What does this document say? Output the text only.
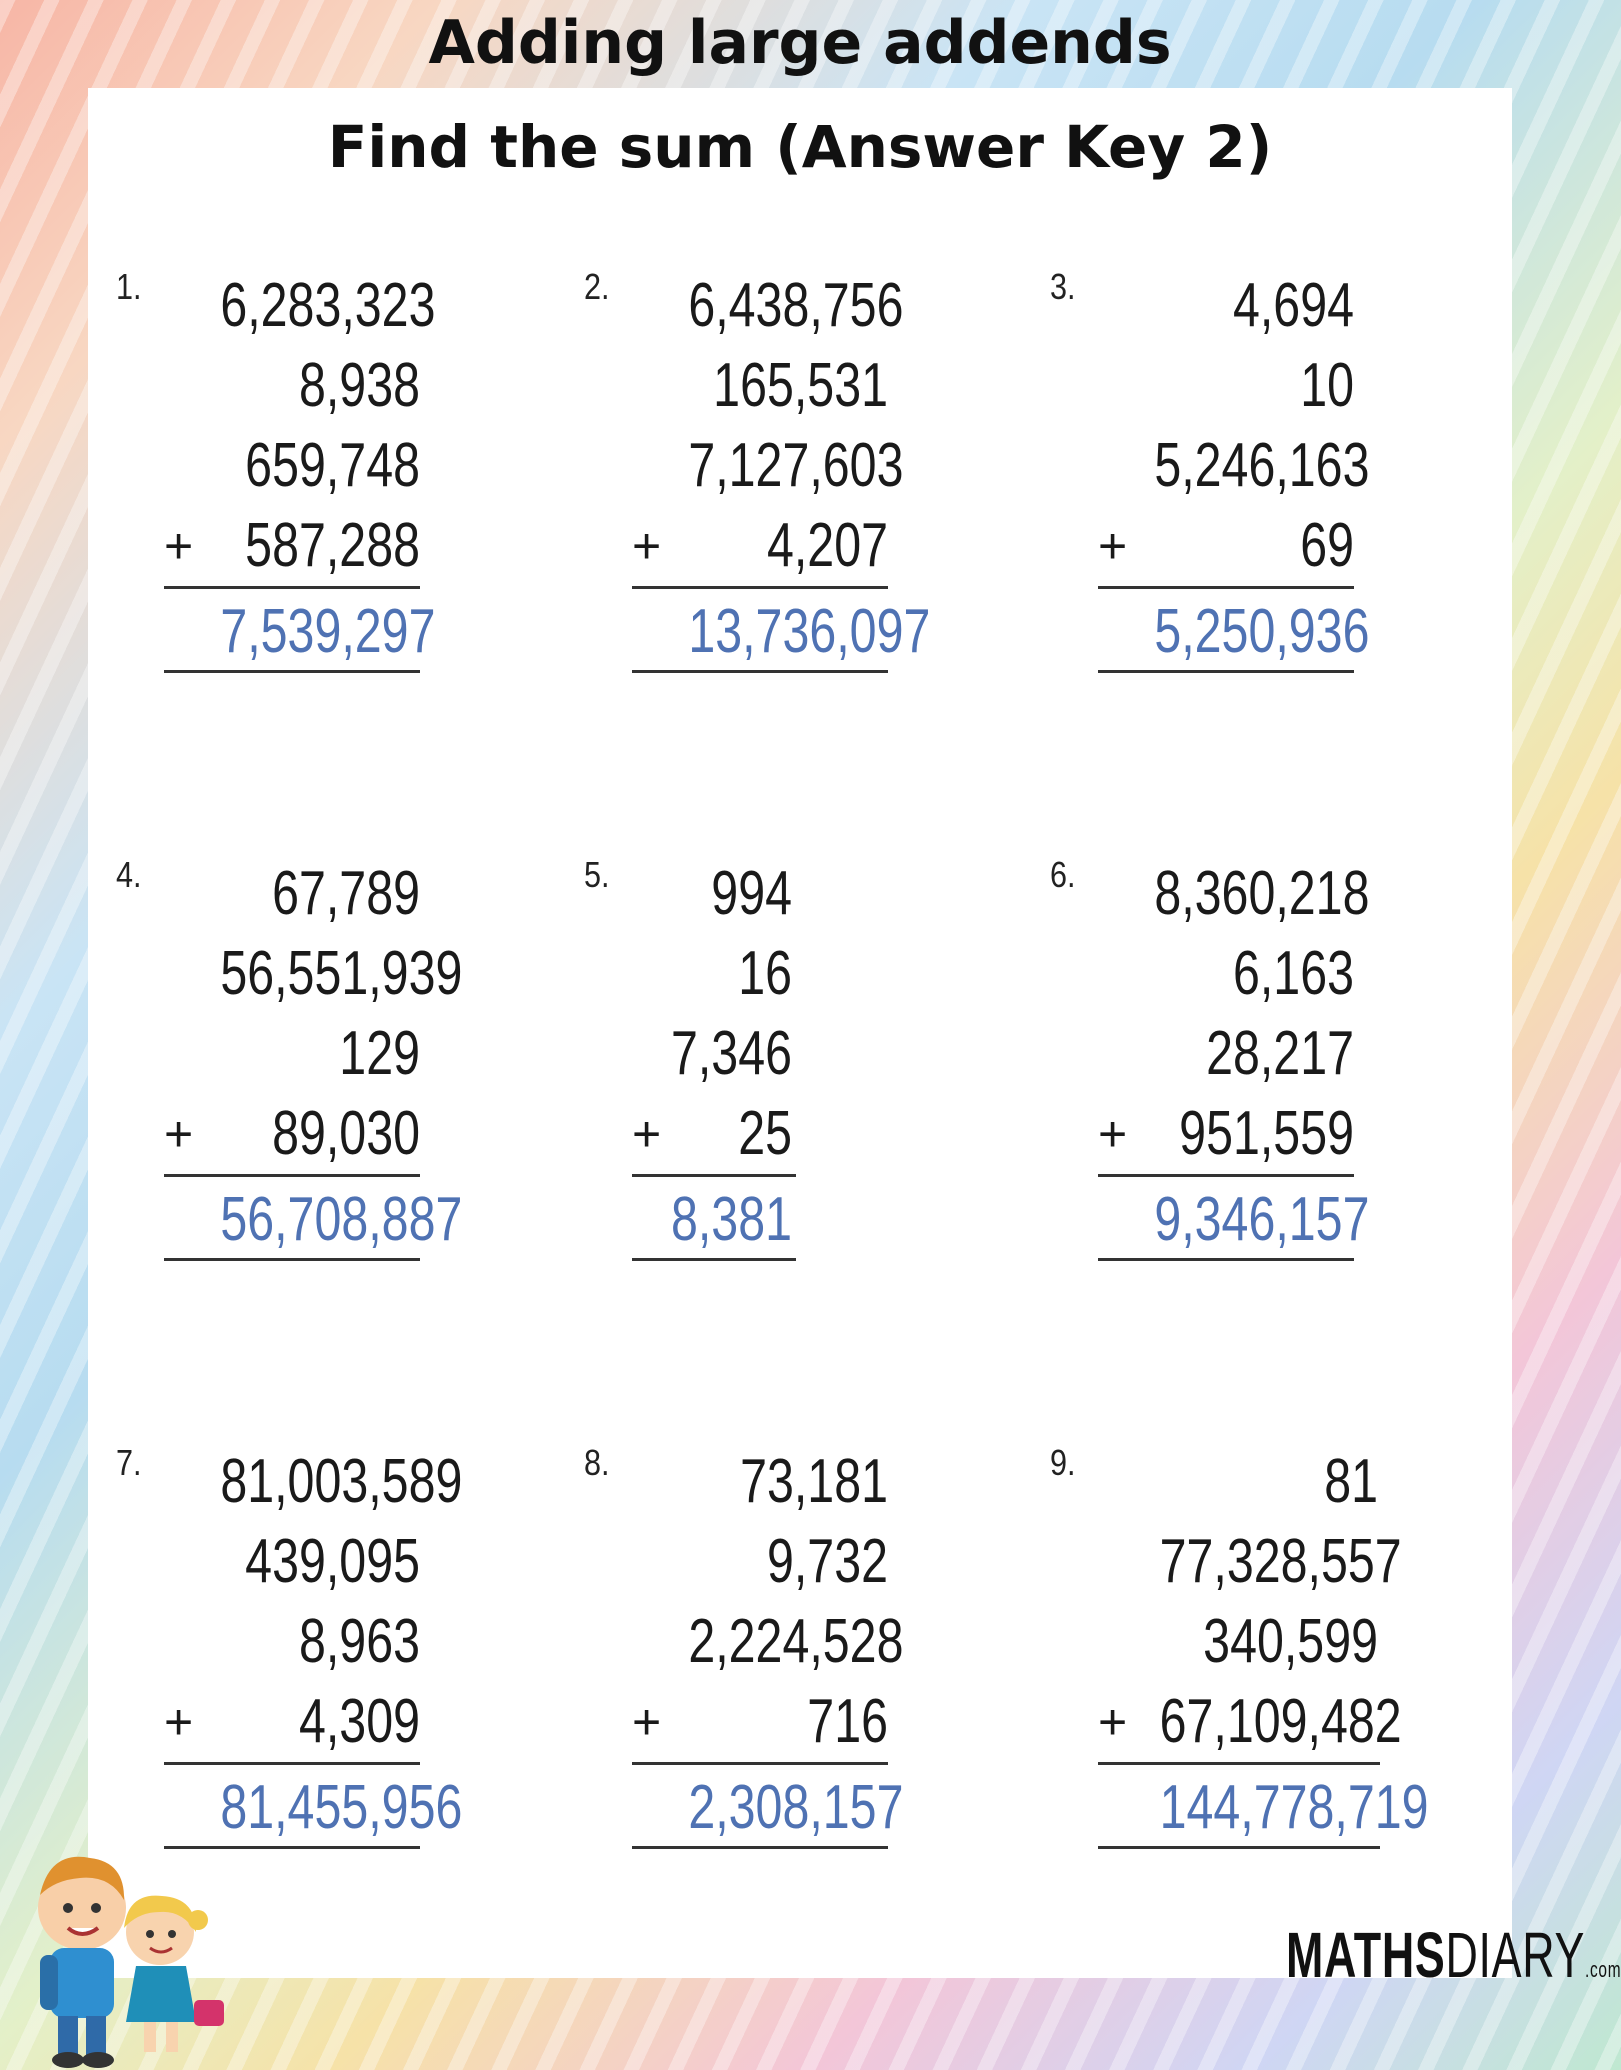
Adding large addends
Find the sum (Answer Key 2)
1. 6,283,323
8,938
659,748
+ 587,288
7,539,297
2. 6,438,756
165,531
7,127,603
+	4,207
13,736,097
3.	4,694
10
5,246,163
+	69
5,250,936
4.	67,789
56,551,939
129
+	89,030
56,708,887
5.	994
16
7,346
+	25
8,381
6. 8,360,218
6,163
28,217
+ 951,559
9,346,157
7. 81,003,589
439,095
8,963
+	4,309
81,455,956
8.	73,181
9,732
2,224,528
+	716
2,308,157
9.	81
77,328,557
340,599
+ 67,109,482
144,778,719
MATHSDIARY.com
